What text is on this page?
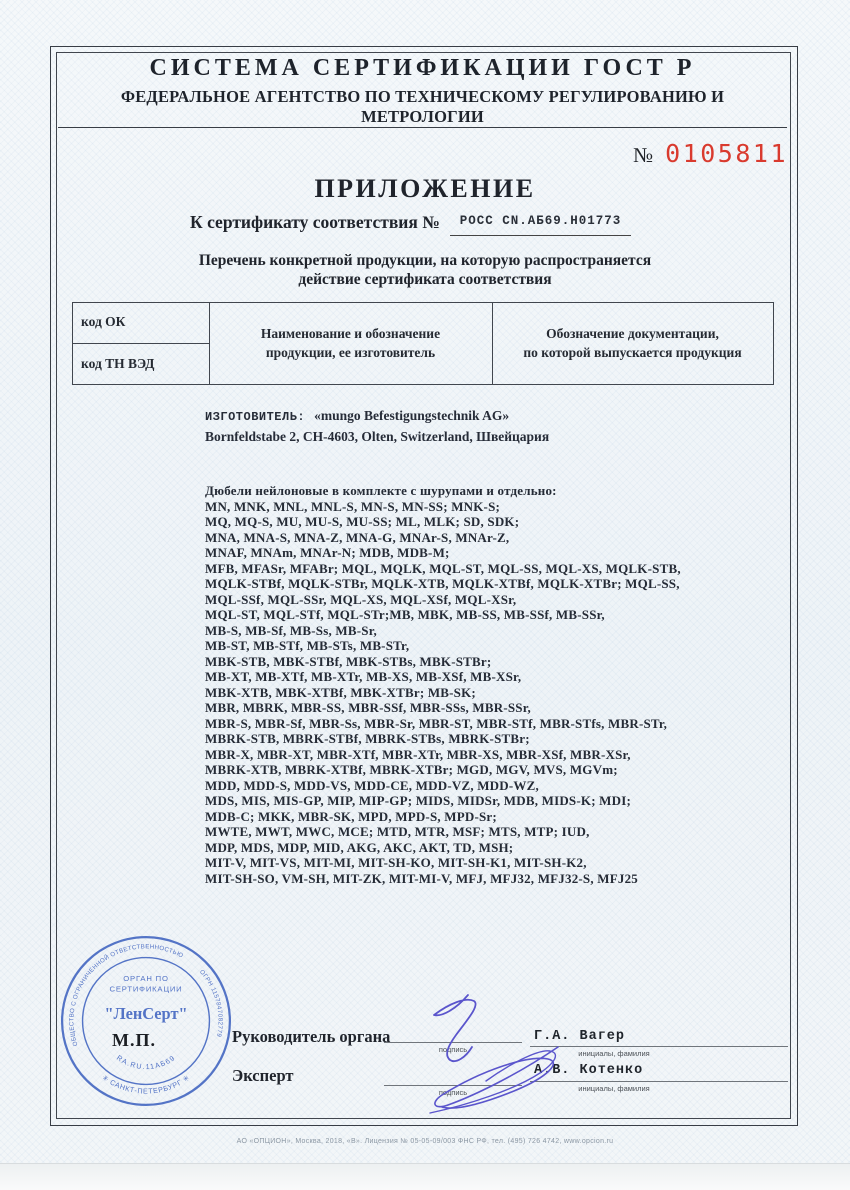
СИСТЕМА СЕРТИФИКАЦИИ ГОСТ Р
ФЕДЕРАЛЬНОЕ АГЕНТСТВО ПО ТЕХНИЧЕСКОМУ РЕГУЛИРОВАНИЮ И МЕТРОЛОГИИ
№ 0105811
ПРИЛОЖЕНИЕ
К сертификату соответствия №	$^{РОСС CN.АБ69.Н01773}$
Перечень конкретной продукции, на которую распространяется
действие сертификата соответствия
код ОК
код ТН ВЭД
Наименование и обозначение
продукции, ее изготовитель
Обозначение документации,
по которой выпускается продукция
ИЗГОТОВИТЕЛЬ: «mungo Befestigungstechnik AG»
Bornfeldstabe 2, CH-4603, Olten, Switzerland, Швейцария
Дюбели нейлоновые в комплекте с шурупами и отдельно:
MN, MNK, MNL, MNL-S, MN-S, MN-SS; MNK-S;
MQ, MQ-S, MU, MU-S, MU-SS; ML, MLK; SD, SDK;
MNA, MNA-S, MNA-Z, MNA-G, MNAr-S, MNAr-Z,
MNAF, MNAm, MNAr-N; MDB, MDB-M;
MFB, MFASr, MFABr; MQL, MQLK, MQL-ST, MQL-SS, MQL-XS, MQLK-STB,
MQLK-STBf, MQLK-STBr, MQLK-XTB, MQLK-XTBf, MQLK-XTBr; MQL-SS,
MQL-SSf, MQL-SSr, MQL-XS, MQL-XSf, MQL-XSr,
MQL-ST, MQL-STf, MQL-STr;MB, MBK, MB-SS, MB-SSf, MB-SSr,
MB-S, MB-Sf, MB-Ss, MB-Sr,
MB-ST, MB-STf, MB-STs, MB-STr,
MBK-STB, MBK-STBf, MBK-STBs, MBK-STBr;
MB-XT, MB-XTf, MB-XTr, MB-XS, MB-XSf, MB-XSr,
MBK-XTB, MBK-XTBf, MBK-XTBr; MB-SK;
MBR, MBRK, MBR-SS, MBR-SSf, MBR-SSs, MBR-SSr,
MBR-S, MBR-Sf, MBR-Ss, MBR-Sr, MBR-ST, MBR-STf, MBR-STfs, MBR-STr,
MBRK-STB, MBRK-STBf, MBRK-STBs, MBRK-STBr;
MBR-X, MBR-XT, MBR-XTf, MBR-XTr, MBR-XS, MBR-XSf, MBR-XSr,
MBRK-XTB, MBRK-XTBf, MBRK-XTBr; MGD, MGV, MVS, MGVm;
MDD, MDD-S, MDD-VS, MDD-CE, MDD-VZ, MDD-WZ,
MDS, MIS, MIS-GP, MIP, MIP-GP; MIDS, MIDSr, MDB, MIDS-K; MDI;
MDB-C; MKK, MBR-SK, MPD, MPD-S, MPD-Sr;
MWTE, MWT, MWC, MCE; MTD, MTR, MSF; MTS, MTP; IUD,
MDP, MDS, MDP, MID, AKG, AKC, AKT, TD, MSH;
MIT-V, MIT-VS, MIT-MI, MIT-SH-KO, MIT-SH-K1, MIT-SH-K2,
MIT-SH-SO, VM-SH, MIT-ZK, MIT-MI-V, MFJ, MFJ32, MFJ32-S, MFJ25
ОБЩЕСТВО С ОГРАНИЧЕННОЙ ОТВЕТСТВЕННОСТЬЮ
ОГРН 1157847082779
✳ САНКТ-ПЕТЕРБУРГ ✳
RA.RU.11АБ69
ОРГАН ПО
СЕРТИФИКАЦИИ
"ЛенСерт"
М.П.	Руководитель органа
подпись
Г.А. Вагер
инициалы, фамилия
Эксперт
подпись
А.В. Котенко
инициалы, фамилия
АО «ОПЦИОН», Москва, 2018, «В». Лицензия № 05-05-09/003 ФНС РФ, тел. (495) 726 4742, www.opcion.ru
